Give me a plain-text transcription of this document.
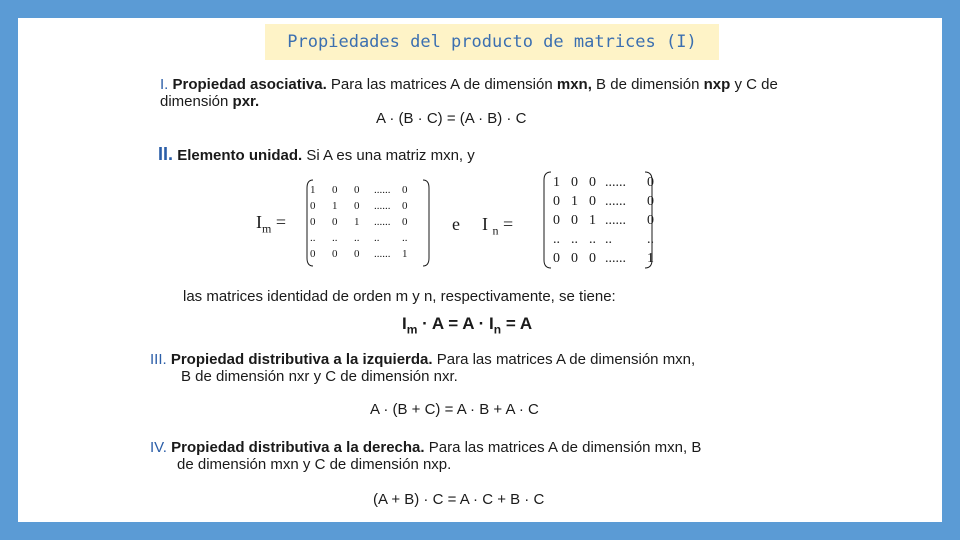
Propiedades del producto de matrices (I)
I. Propiedad asociativa. Para las matrices A de dimensión mxn, B de dimensión nxp y C de
dimensión pxr.
A · (B · C) = (A · B) · C
II. Elemento unidad. Si A es una matriz mxn, y
$I_m$ =
1 0 0 ...... 0
0 1 0 ...... 0
0 0 1 ...... 0
.. .. .. .. ..
0 0 0 ...... 1
e I $_n$ =
1 0 0 ...... 0
0 1 0 ...... 0
0 0 1 ...... 0
.. .. .. ..	..
0 0 0 ...... 1
las matrices identidad de orden m y n, respectivamente, se tiene:
$I_m \cdot A = A \cdot I_n = A$
III. Propiedad distributiva a la izquierda. Para las matrices A de dimensión mxn,
B de dimensión nxr y C de dimensión nxr.
A · (B + C) = A · B + A · C
IV. Propiedad distributiva a la derecha. Para las matrices A de dimensión mxn, B
de dimensión mxn y C de dimensión nxp.
(A + B) · C = A · C + B · C
